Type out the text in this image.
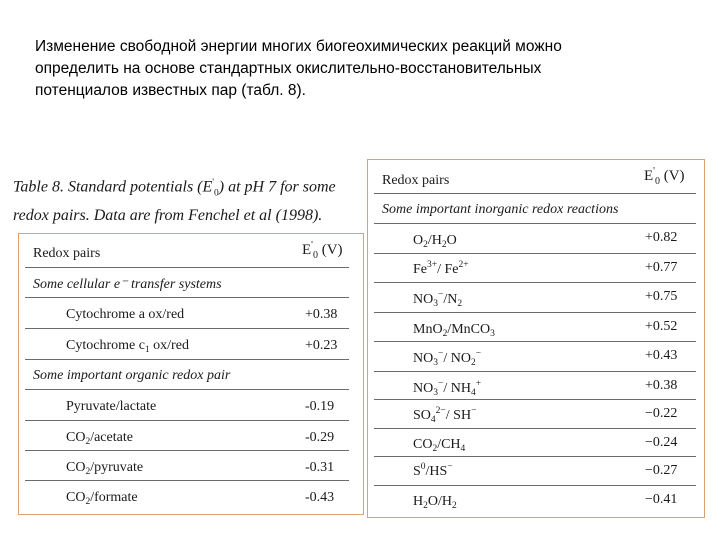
Изменение свободной энергии многих биогеохимических реакций можно
определить на основе стандартных окислительно-восстановительных
потенциалов известных пар (табл. 8).
Table 8. Standard potentials $(E'_0)$ at pH 7 for some
redox pairs. Data are from Fenchel et al (1998).
Redox pairs	$E'_0$ (V)
Some cellular e⁻ transfer systems
Cytochrome a ox/red	+0.38
Cytochrome $c_1$ ox/red	+0.23
Some important organic redox pair
Pyruvate/lactate	-0.19
$CO_2$/acetate	-0.29
$CO_2$/pyruvate	-0.31
$CO_2$/formate	-0.43
Redox pairs	$E'_0$ (V)
Some important inorganic redox reactions
$O_2/H_2O$	+0.82
$Fe^{3+}/$ $Fe^{2+}$	+0.77
$NO_3^-/N_2$	+0.75
MnO$_2$/MnCO$_3$	+0.52
$NO_3^-/$ $NO_2^-$	+0.43
$NO_3^-/$ $NH_4^+$	+0.38
$SO_4^{2-}/$ SH−	−0.22
$CO_2/CH_4$	−0.24
$S^0/HS^-$	−0.27
$H_2O/H_2$	−0.41
